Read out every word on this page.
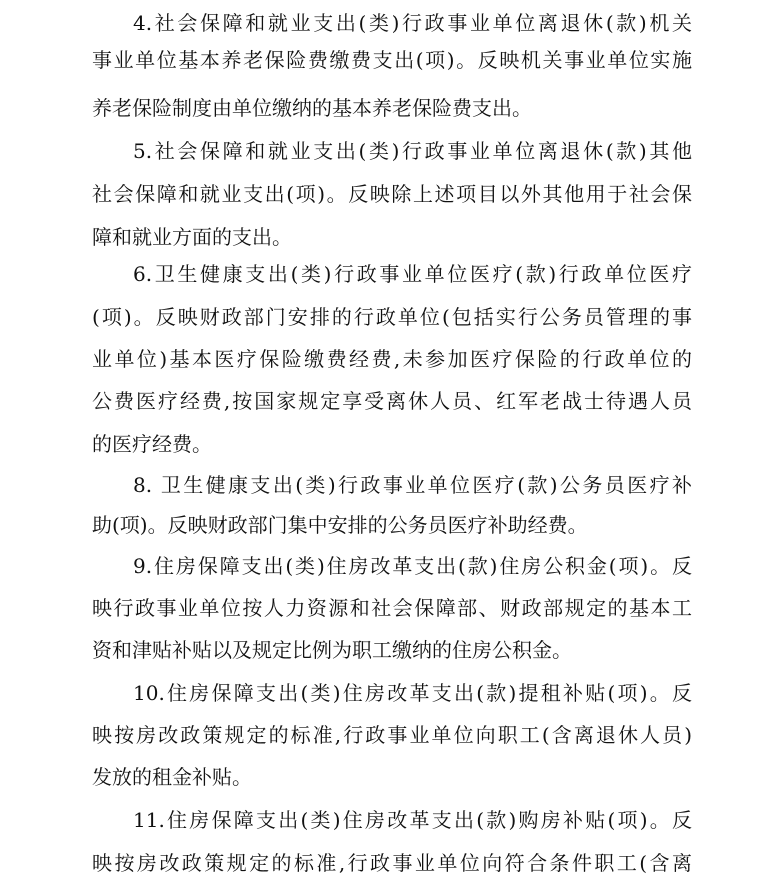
4.社会保障和就业支出(类)行政事业单位离退休(款)机关
事业单位基本养老保险费缴费支出(项)。反映机关事业单位实施
养老保险制度由单位缴纳的基本养老保险费支出。
5.社会保障和就业支出(类)行政事业单位离退休(款)其他
社会保障和就业支出(项)。反映除上述项目以外其他用于社会保
障和就业方面的支出。
6.卫生健康支出(类)行政事业单位医疗(款)行政单位医疗
(项)。反映财政部门安排的行政单位(包括实行公务员管理的事
业单位)基本医疗保险缴费经费,未参加医疗保险的行政单位的
公费医疗经费,按国家规定享受离休人员、红军老战士待遇人员
的医疗经费。
8. 卫生健康支出(类)行政事业单位医疗(款)公务员医疗补
助(项)。反映财政部门集中安排的公务员医疗补助经费。
9.住房保障支出(类)住房改革支出(款)住房公积金(项)。反
映行政事业单位按人力资源和社会保障部、财政部规定的基本工
资和津贴补贴以及规定比例为职工缴纳的住房公积金。
10.住房保障支出(类)住房改革支出(款)提租补贴(项)。反
映按房改政策规定的标准,行政事业单位向职工(含离退休人员)
发放的租金补贴。
11.住房保障支出(类)住房改革支出(款)购房补贴(项)。反
映按房改政策规定的标准,行政事业单位向符合条件职工(含离
